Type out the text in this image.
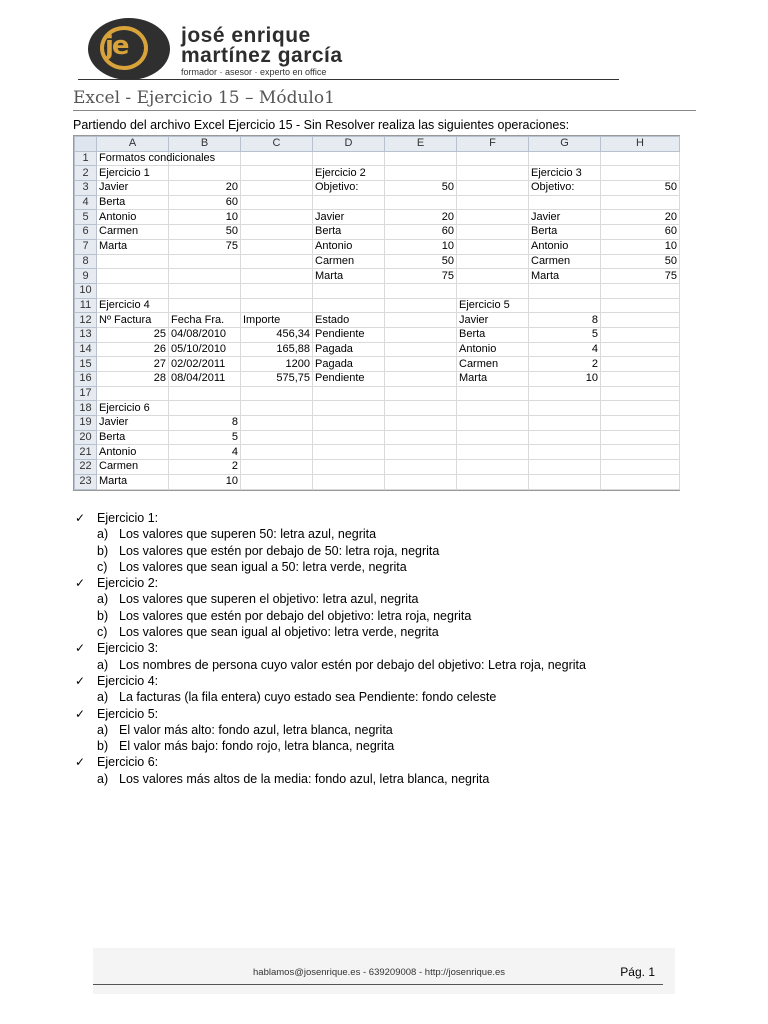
je	josé enrique
martínez garcía
formador · asesor · experto en office
Excel - Ejercicio 15 – Módulo1
Partiendo del archivo Excel Ejercicio 15 - Sin Resolver realiza las siguientes operaciones:
	A	B	C	D	E	F	G	H
1	Formatos condicionales							
2	Ejercicio 1			Ejercicio 2			Ejercicio 3	
3	Javier	20		Objetivo:	50		Objetivo:	50
4	Berta	60						
5	Antonio	10		Javier	20		Javier	20
6	Carmen	50		Berta	60		Berta	60
7	Marta	75		Antonio	10		Antonio	10
8				Carmen	50		Carmen	50
9				Marta	75		Marta	75
10								
11	Ejercicio 4					Ejercicio 5		
12	Nº Factura	Fecha Fra.	Importe	Estado		Javier	8	
13	25	04/08/2010	456,34	Pendiente		Berta	5	
14	26	05/10/2010	165,88	Pagada		Antonio	4	
15	27	02/02/2011	1200	Pagada		Carmen	2	
16	28	08/04/2011	575,75	Pendiente		Marta	10	
17								
18	Ejercicio 6							
19	Javier	8						
20	Berta	5						
21	Antonio	4						
22	Carmen	2						
23	Marta	10						
✓ Ejercicio 1:
a) Los valores que superen 50: letra azul, negrita
b) Los valores que estén por debajo de 50: letra roja, negrita
c) Los valores que sean igual a 50: letra verde, negrita
✓ Ejercicio 2:
a) Los valores que superen el objetivo: letra azul, negrita
b) Los valores que estén por debajo del objetivo: letra roja, negrita
c) Los valores que sean igual al objetivo: letra verde, negrita
✓ Ejercicio 3:
a) Los nombres de persona cuyo valor estén por debajo del objetivo: Letra roja, negrita
✓ Ejercicio 4:
a) La facturas (la fila entera) cuyo estado sea Pendiente: fondo celeste
✓ Ejercicio 5:
a) El valor más alto: fondo azul, letra blanca, negrita
b) El valor más bajo: fondo rojo, letra blanca, negrita
✓ Ejercicio 6:
a) Los valores más altos de la media: fondo azul, letra blanca, negrita
hablamos@josenrique.es - 639209008 - http://josenrique.es	Pág. 1
